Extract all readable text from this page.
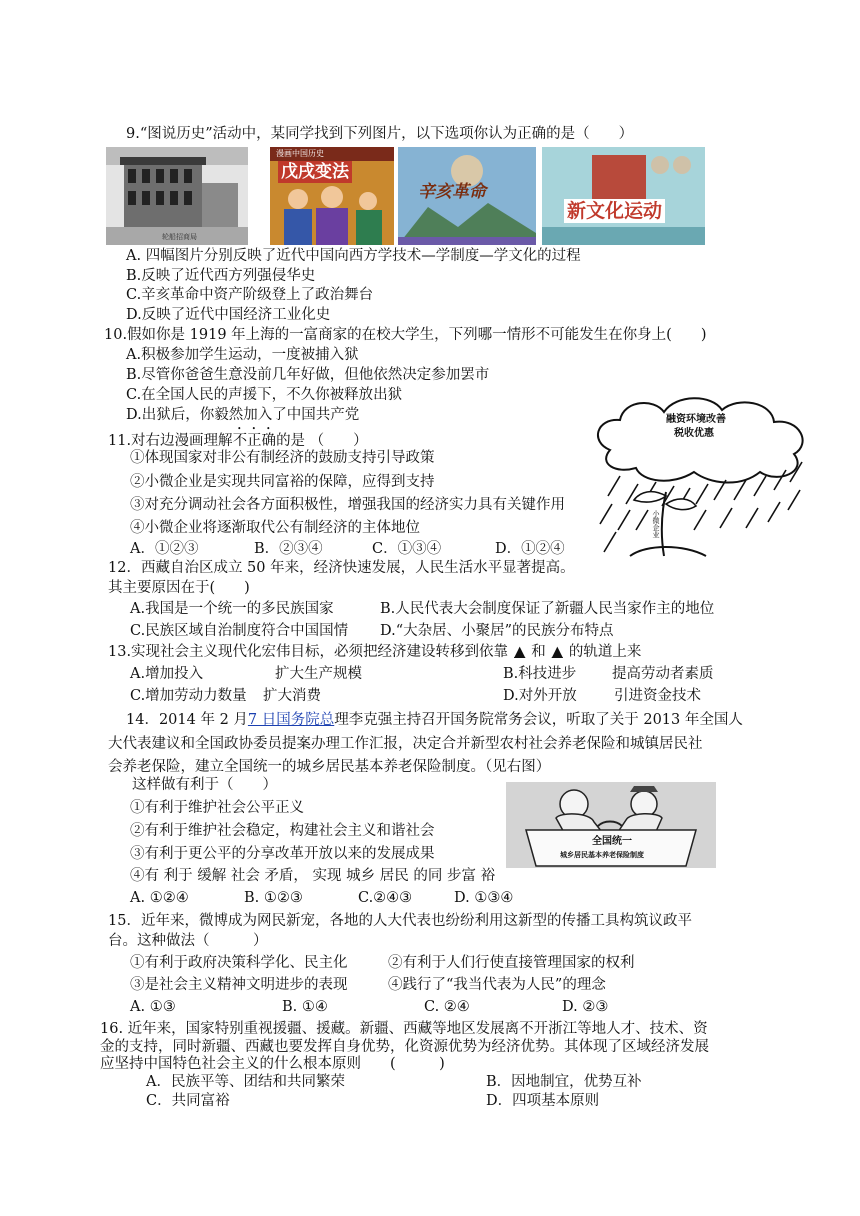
9.“图说历史”活动中，某同学找到下列图片，以下选项你认为正确的是（　　）
轮船招商局
漫画中国历史
戊戌变法
辛亥革命
新文化运动
A. 四幅图片分别反映了近代中国向西方学技术—学制度—学文化的过程
B.反映了近代西方列强侵华史
C.辛亥革命中资产阶级登上了政治舞台
D.反映了近代中国经济工业化史
10.假如你是 1919 年上海的一富商家的在校大学生，下列哪一情形不可能发生在你身上(　　)
A.积极参加学生运动，一度被捕入狱
B.尽管你爸爸生意没前几年好做，但他依然决定参加罢市
C.在全国人民的声援下，不久你被释放出狱
D.出狱后，你毅然加入了中国共产党
11.对右边漫画理解不正确的是 （　　）
①体现国家对非公有制经济的鼓励支持引导政策
②小微企业是实现共同富裕的保障，应得到支持
③对充分调动社会各方面积极性，增强我国的经济实力具有关键作用
④小微企业将逐渐取代公有制经济的主体地位
A．①②③	B．②③④	C．①③④	D．①②④
融资环境改善
税收优惠
小微企业
12．西藏自治区成立 50 年来，经济快速发展，人民生活水平显著提高。
其主要原因在于(　　)
A.我国是一个统一的多民族国家	B.人民代表大会制度保证了新疆人民当家作主的地位
C.民族区域自治制度符合中国国情 D.“大杂居、小聚居”的民族分布特点
13.实现社会主义现代化宏伟目标，必须把经济建设转移到依靠 ▲ 和 ▲ 的轨道上来
A.增加投入	扩大生产规模	B.科技进步 提高劳动者素质
C.增加劳动力数量 扩大消费	D.对外开放	引进资金技术
14．2014 年 2 月7 日国务院总理李克强主持召开国务院常务会议，听取了关于 2013 年全国人
大代表建议和全国政协委员提案办理工作汇报，决定合并新型农村社会养老保险和城镇居民社
会养老保险，建立全国统一的城乡居民基本养老保险制度。（见右图）
这样做有利于（　　）
①有利于维护社会公平正义
②有利于维护社会稳定，构建社会主义和谐社会
③有利于更公平的分享改革开放以来的发展成果
④有 利于 缓解 社会 矛盾， 实现 城乡 居民 的同 步富 裕
A. ①②④	B. ①②③	C.②④③	D. ①③④
全国统一
城乡居民基本养老保险制度
15．近年来，微博成为网民新宠，各地的人大代表也纷纷利用这新型的传播工具构筑议政平
台。这种做法（　　　）
①有利于政府决策科学化、民主化	②有利于人们行使直接管理国家的权利
③是社会主义精神文明进步的表现	④践行了“我当代表为人民”的理念
A. ①③	B. ①④	C. ②④	D. ②③
16. 近年来，国家特别重视援疆、援藏。新疆、西藏等地区发展离不开浙江等地人才、技术、资
金的支持，同时新疆、西藏也要发挥自身优势，化资源优势为经济优势。其体现了区域经济发展
应坚持中国特色社会主义的什么根本原则　　(　　　)
A．民族平等、团结和共同繁荣	B．因地制宜，优势互补
C．共同富裕	D．四项基本原则
